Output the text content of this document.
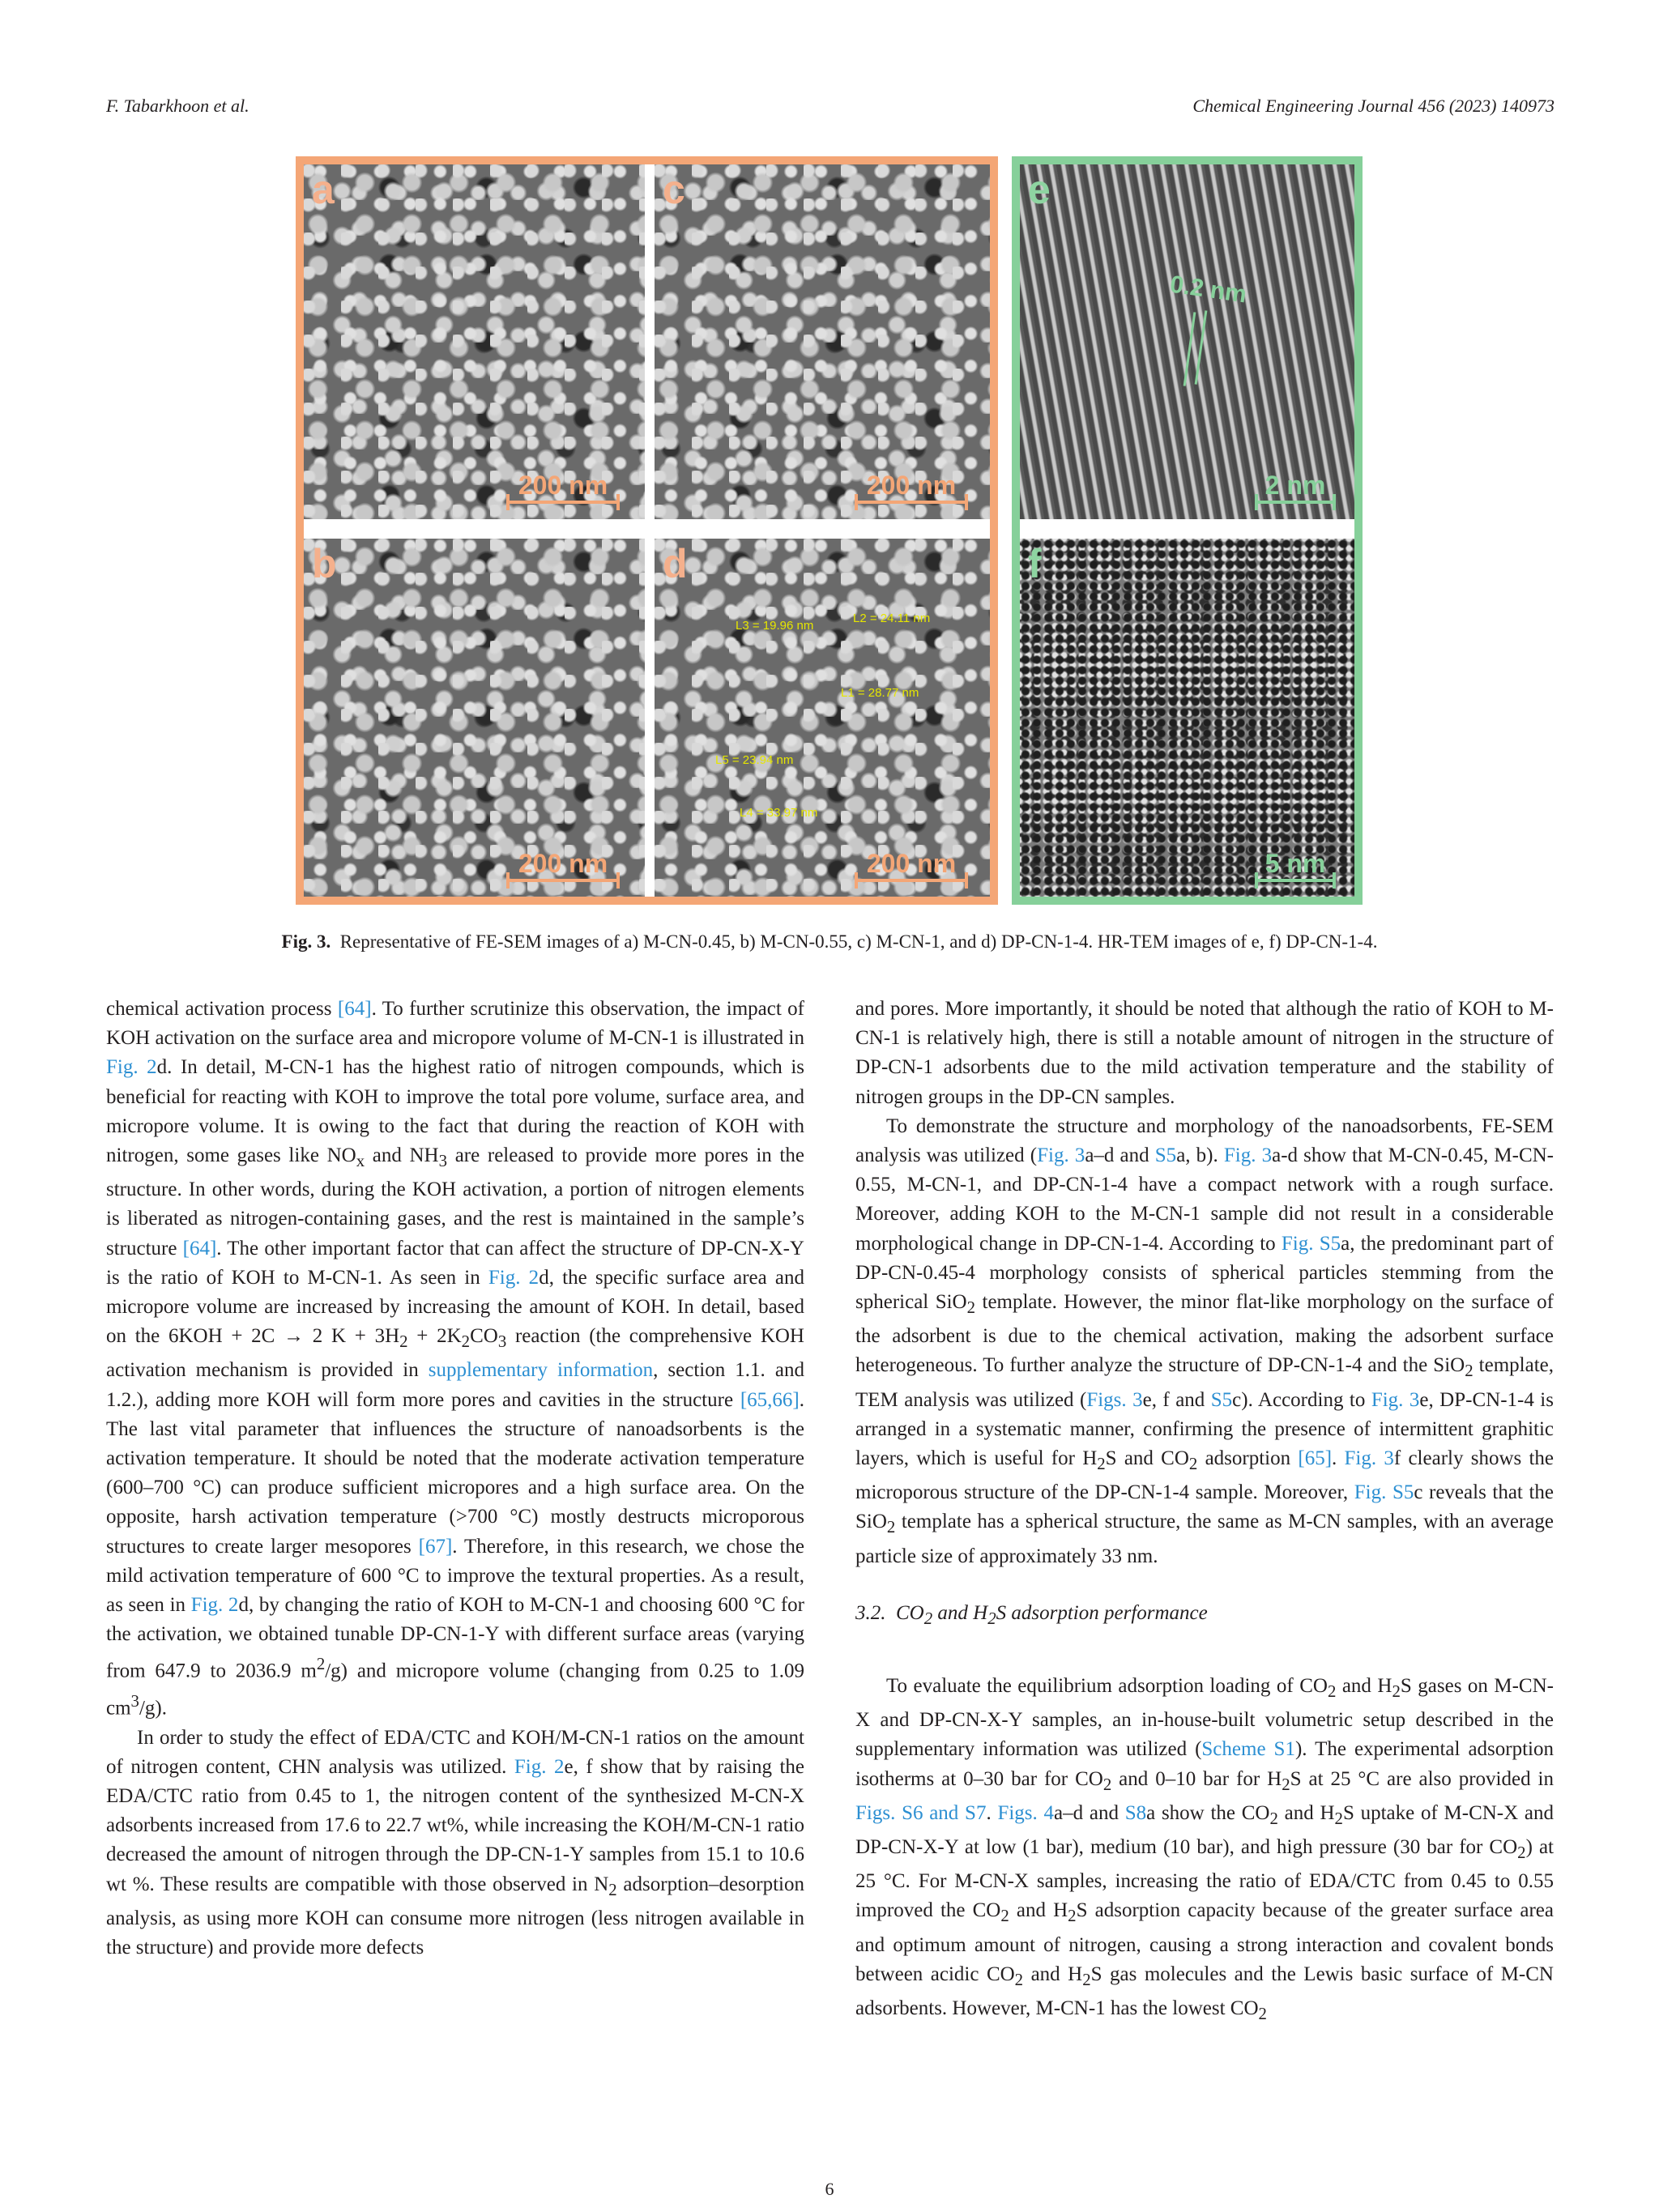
F. Tabarkhoon et al.	Chemical Engineering Journal 456 (2023) 140973
a
200 nm
b
200 nm
c
200 nm
d
L3 = 19.96 nm
L2 = 24.11 nm
L1 = 28.77 nm
L5 = 23.94 nm
L4 = 33.97 nm
200 nm
e
0.2 nm
2 nm
f
5 nm
Fig. 3. Representative of FE-SEM images of a) M-CN-0.45, b) M-CN-0.55, c) M-CN-1, and d) DP-CN-1-4. HR-TEM images of e, f) DP-CN-1-4.

chemical activation process [64]. To further scrutinize this observation, the impact of KOH activation on the surface area and micropore volume of M-CN-1 is illustrated in Fig. 2d. In detail, M-CN-1 has the highest ratio of nitrogen compounds, which is beneficial for reacting with KOH to improve the total pore volume, surface area, and micropore volume. It is owing to the fact that during the reaction of KOH with nitrogen, some gases like $NO_x$ and $NH_3$ are released to provide more pores in the structure. In other words, during the KOH activation, a portion of nitrogen elements is liberated as nitrogen-containing gases, and the rest is maintained in the sample’s structure [64]. The other important factor that can affect the structure of DP-CN-X-Y is the ratio of KOH to M-CN-1. As seen in Fig. 2d, the specific surface area and micropore volume are increased by increasing the amount of KOH. In detail, based on the 6KOH + 2C → 2 $K + 3H_2 + 2K_2CO_3$ reaction (the comprehensive KOH activation mechanism is provided in supplementary information, section 1.1. and 1.2.), adding more KOH will form more pores and cavities in the structure [65,66]. The last vital parameter that influences the structure of nanoadsorbents is the activation temperature. It should be noted that the moderate activation temperature (600–700 °C) can produce sufficient micropores and a high surface area. On the opposite, harsh activation temperature (>700 °C) mostly destructs microporous structures to create larger mesopores [67]. Therefore, in this research, we chose the mild activation temperature of 600 °C to improve the textural properties. As a result, as seen in Fig. 2d, by changing the ratio of KOH to M-CN-1 and choosing 600 °C for the activation, we obtained tunable DP-CN-1-Y with different surface areas (varying from 647.9 to 2036.9 $m^2/g$) and micropore volume (changing from 0.25 to 1.09 $cm^3/g$).

In order to study the effect of EDA/CTC and KOH/M-CN-1 ratios on the amount of nitrogen content, CHN analysis was utilized. Fig. 2e, f show that by raising the EDA/CTC ratio from 0.45 to 1, the nitrogen content of the synthesized M-CN-X adsorbents increased from 17.6 to 22.7 wt%, while increasing the KOH/M-CN-1 ratio decreased the amount of nitrogen through the DP-CN-1-Y samples from 15.1 to 10.6 wt %. These results are compatible with those observed in $N_2$ adsorption–desorption analysis, as using more KOH can consume more nitrogen (less nitrogen available in the structure) and provide more defects

and pores. More importantly, it should be noted that although the ratio of KOH to M-CN-1 is relatively high, there is still a notable amount of nitrogen in the structure of DP-CN-1 adsorbents due to the mild activation temperature and the stability of nitrogen groups in the DP-CN samples.

To demonstrate the structure and morphology of the nanoadsorbents, FE-SEM analysis was utilized (Fig. 3a–d and S5a, b). Fig. 3a-d show that M-CN-0.45, M-CN-0.55, M-CN-1, and DP-CN-1-4 have a compact network with a rough surface. Moreover, adding KOH to the M-CN-1 sample did not result in a considerable morphological change in DP-CN-1-4. According to Fig. S5a, the predominant part of DP-CN-0.45-4 morphology consists of spherical particles stemming from the spherical SiO$_2$ template. However, the minor flat-like morphology on the surface of the adsorbent is due to the chemical activation, making the adsorbent surface heterogeneous. To further analyze the structure of DP-CN-1-4 and the SiO$_2$ template, TEM analysis was utilized (Figs. 3e, f and S5c). According to Fig. 3e, DP-CN-1-4 is arranged in a systematic manner, confirming the presence of intermittent graphitic layers, which is useful for $H_2S$ and $CO_2$ adsorption [65]. Fig. 3f clearly shows the microporous structure of the DP-CN-1-4 sample. Moreover, Fig. S5c reveals that the SiO$_2$ template has a spherical structure, the same as M-CN samples, with an average particle size of approximately 33 nm.

3.2. $CO_2$ and $H_2S$ adsorption performance

To evaluate the equilibrium adsorption loading of $CO_2$ and $H_2S$ gases on M-CN-X and DP-CN-X-Y samples, an in-house-built volumetric setup described in the supplementary information was utilized (Scheme S1). The experimental adsorption isotherms at 0–30 bar for $CO_2$ and 0–10 bar for $H_2S$ at 25 °C are also provided in Figs. S6 and S7. Figs. 4a–d and S8a show the $CO_2$ and $H_2S$ uptake of M-CN-X and DP-CN-X-Y at low (1 bar), medium (10 bar), and high pressure (30 bar for $CO_2$) at 25 °C. For M-CN-X samples, increasing the ratio of EDA/CTC from 0.45 to 0.55 improved the $CO_2$ and $H_2S$ adsorption capacity because of the greater surface area and optimum amount of nitrogen, causing a strong interaction and covalent bonds between acidic $CO_2$ and $H_2S$ gas molecules and the Lewis basic surface of M-CN adsorbents. However, M-CN-1 has the lowest $CO_2$

6
